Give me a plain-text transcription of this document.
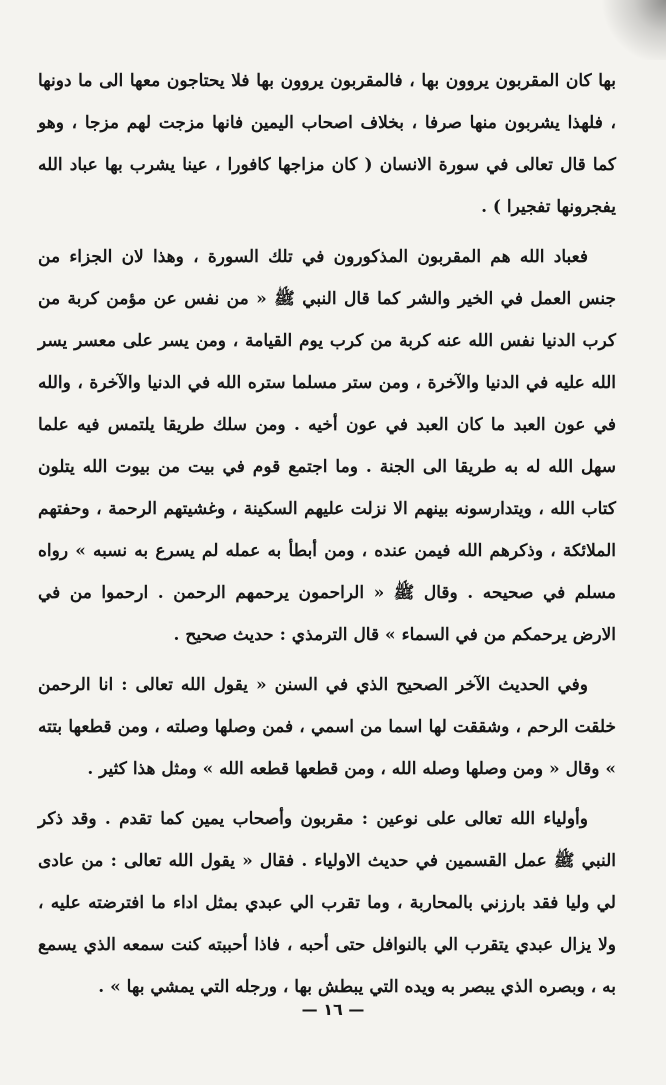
بها كان المقربون يروون بها ، فالمقربون يروون بها فلا يحتاجون معها الى ما دونها ، فلهذا يشربون منها صرفا ، بخلاف اصحاب اليمين فانها مزجت لهم مزجا ، وهو كما قال تعالى في سورة الانسان ( كان مزاجها كافورا ، عينا يشرب بها عباد الله يفجرونها تفجيرا ) .

فعباد الله هم المقربون المذكورون في تلك السورة ، وهذا لان الجزاء من جنس العمل في الخير والشر كما قال النبي ﷺ « من نفس عن مؤمن كربة من كرب الدنيا نفس الله عنه كربة من كرب يوم القيامة ، ومن يسر على معسر يسر الله عليه في الدنيا والآخرة ، ومن ستر مسلما ستره الله في الدنيا والآخرة ، والله في عون العبد ما كان العبد في عون أخيه . ومن سلك طريقا يلتمس فيه علما سهل الله له به طريقا الى الجنة . وما اجتمع قوم في بيت من بيوت الله يتلون كتاب الله ، ويتدارسونه بينهم الا نزلت عليهم السكينة ، وغشيتهم الرحمة ، وحفتهم الملائكة ، وذكرهم الله فيمن عنده ، ومن أبطأ به عمله لم يسرع به نسبه » رواه مسلم في صحيحه . وقال ﷺ « الراحمون يرحمهم الرحمن . ارحموا من في الارض يرحمكم من في السماء » قال الترمذي : حديث صحيح .

وفي الحديث الآخر الصحيح الذي في السنن « يقول الله تعالى : انا الرحمن خلقت الرحم ، وشققت لها اسما من اسمي ، فمن وصلها وصلته ، ومن قطعها بتته » وقال « ومن وصلها وصله الله ، ومن قطعها قطعه الله » ومثل هذا كثير .

وأولياء الله تعالى على نوعين : مقربون وأصحاب يمين كما تقدم . وقد ذكر النبي ﷺ عمل القسمين في حديث الاولياء . فقال « يقول الله تعالى : من عادى لي وليا فقد بارزني بالمحاربة ، وما تقرب الي عبدي بمثل اداء ما افترضته عليه ، ولا يزال عبدي يتقرب الي بالنوافل حتى أحبه ، فاذا أحببته كنت سمعه الذي يسمع به ، وبصره الذي يبصر به ويده التي يبطش بها ، ورجله التي يمشي بها » .

— ١٦ —
